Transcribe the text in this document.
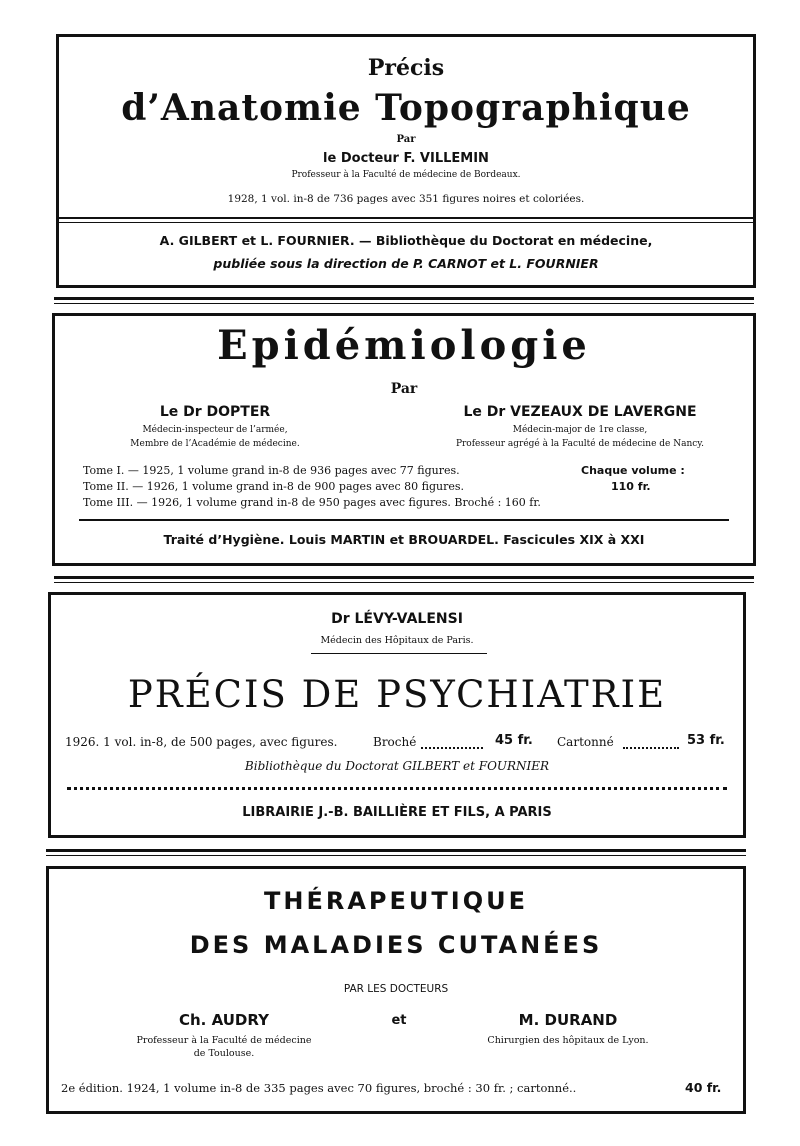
Précis
d’Anatomie Topographique
Par
le Docteur F. VILLEMIN
Professeur à la Faculté de médecine de Bordeaux.
1928, 1 vol. in-8 de 736 pages avec 351 figures noires et coloriées.
A. GILBERT et L. FOURNIER. — Bibliothèque du Doctorat en médecine,
publiée sous la direction de P. CARNOT et L. FOURNIER
Epidémiologie
Par
Le Dr DOPTER
Médecin-inspecteur de l’armée,
Membre de l’Académie de médecine.
Le Dr VEZEAUX DE LAVERGNE
Médecin-major de 1re classe,
Professeur agrégé à la Faculté de médecine de Nancy.
Tome I. — 1925, 1 volume grand in-8 de 936 pages avec 77 figures.
Tome II. — 1926, 1 volume grand in-8 de 900 pages avec 80 figures.
Tome III. — 1926, 1 volume grand in-8 de 950 pages avec figures. Broché : 160 fr.
Chaque volume :
110 fr.
Traité d’Hygiène. Louis MARTIN et BROUARDEL. Fascicules XIX à XXI
Dr LÉVY-VALENSI
Médecin des Hôpitaux de Paris.
PRÉCIS DE PSYCHIATRIE
1926. 1 vol. in-8, de 500 pages, avec figures.	Broché	45 fr. Cartonné	53 fr.
Bibliothèque du Doctorat GILBERT et FOURNIER
LIBRAIRIE J.-B. BAILLIÈRE ET FILS, A PARIS
THÉRAPEUTIQUE
DES MALADIES CUTANÉES
PAR LES DOCTEURS
Ch. AUDRY
Professeur à la Faculté de médecine
de Toulouse.
et	M. DURAND
Chirurgien des hôpitaux de Lyon.
2e édition. 1924, 1 volume in-8 de 335 pages avec 70 figures, broché : 30 fr. ; cartonné..	40 fr.
